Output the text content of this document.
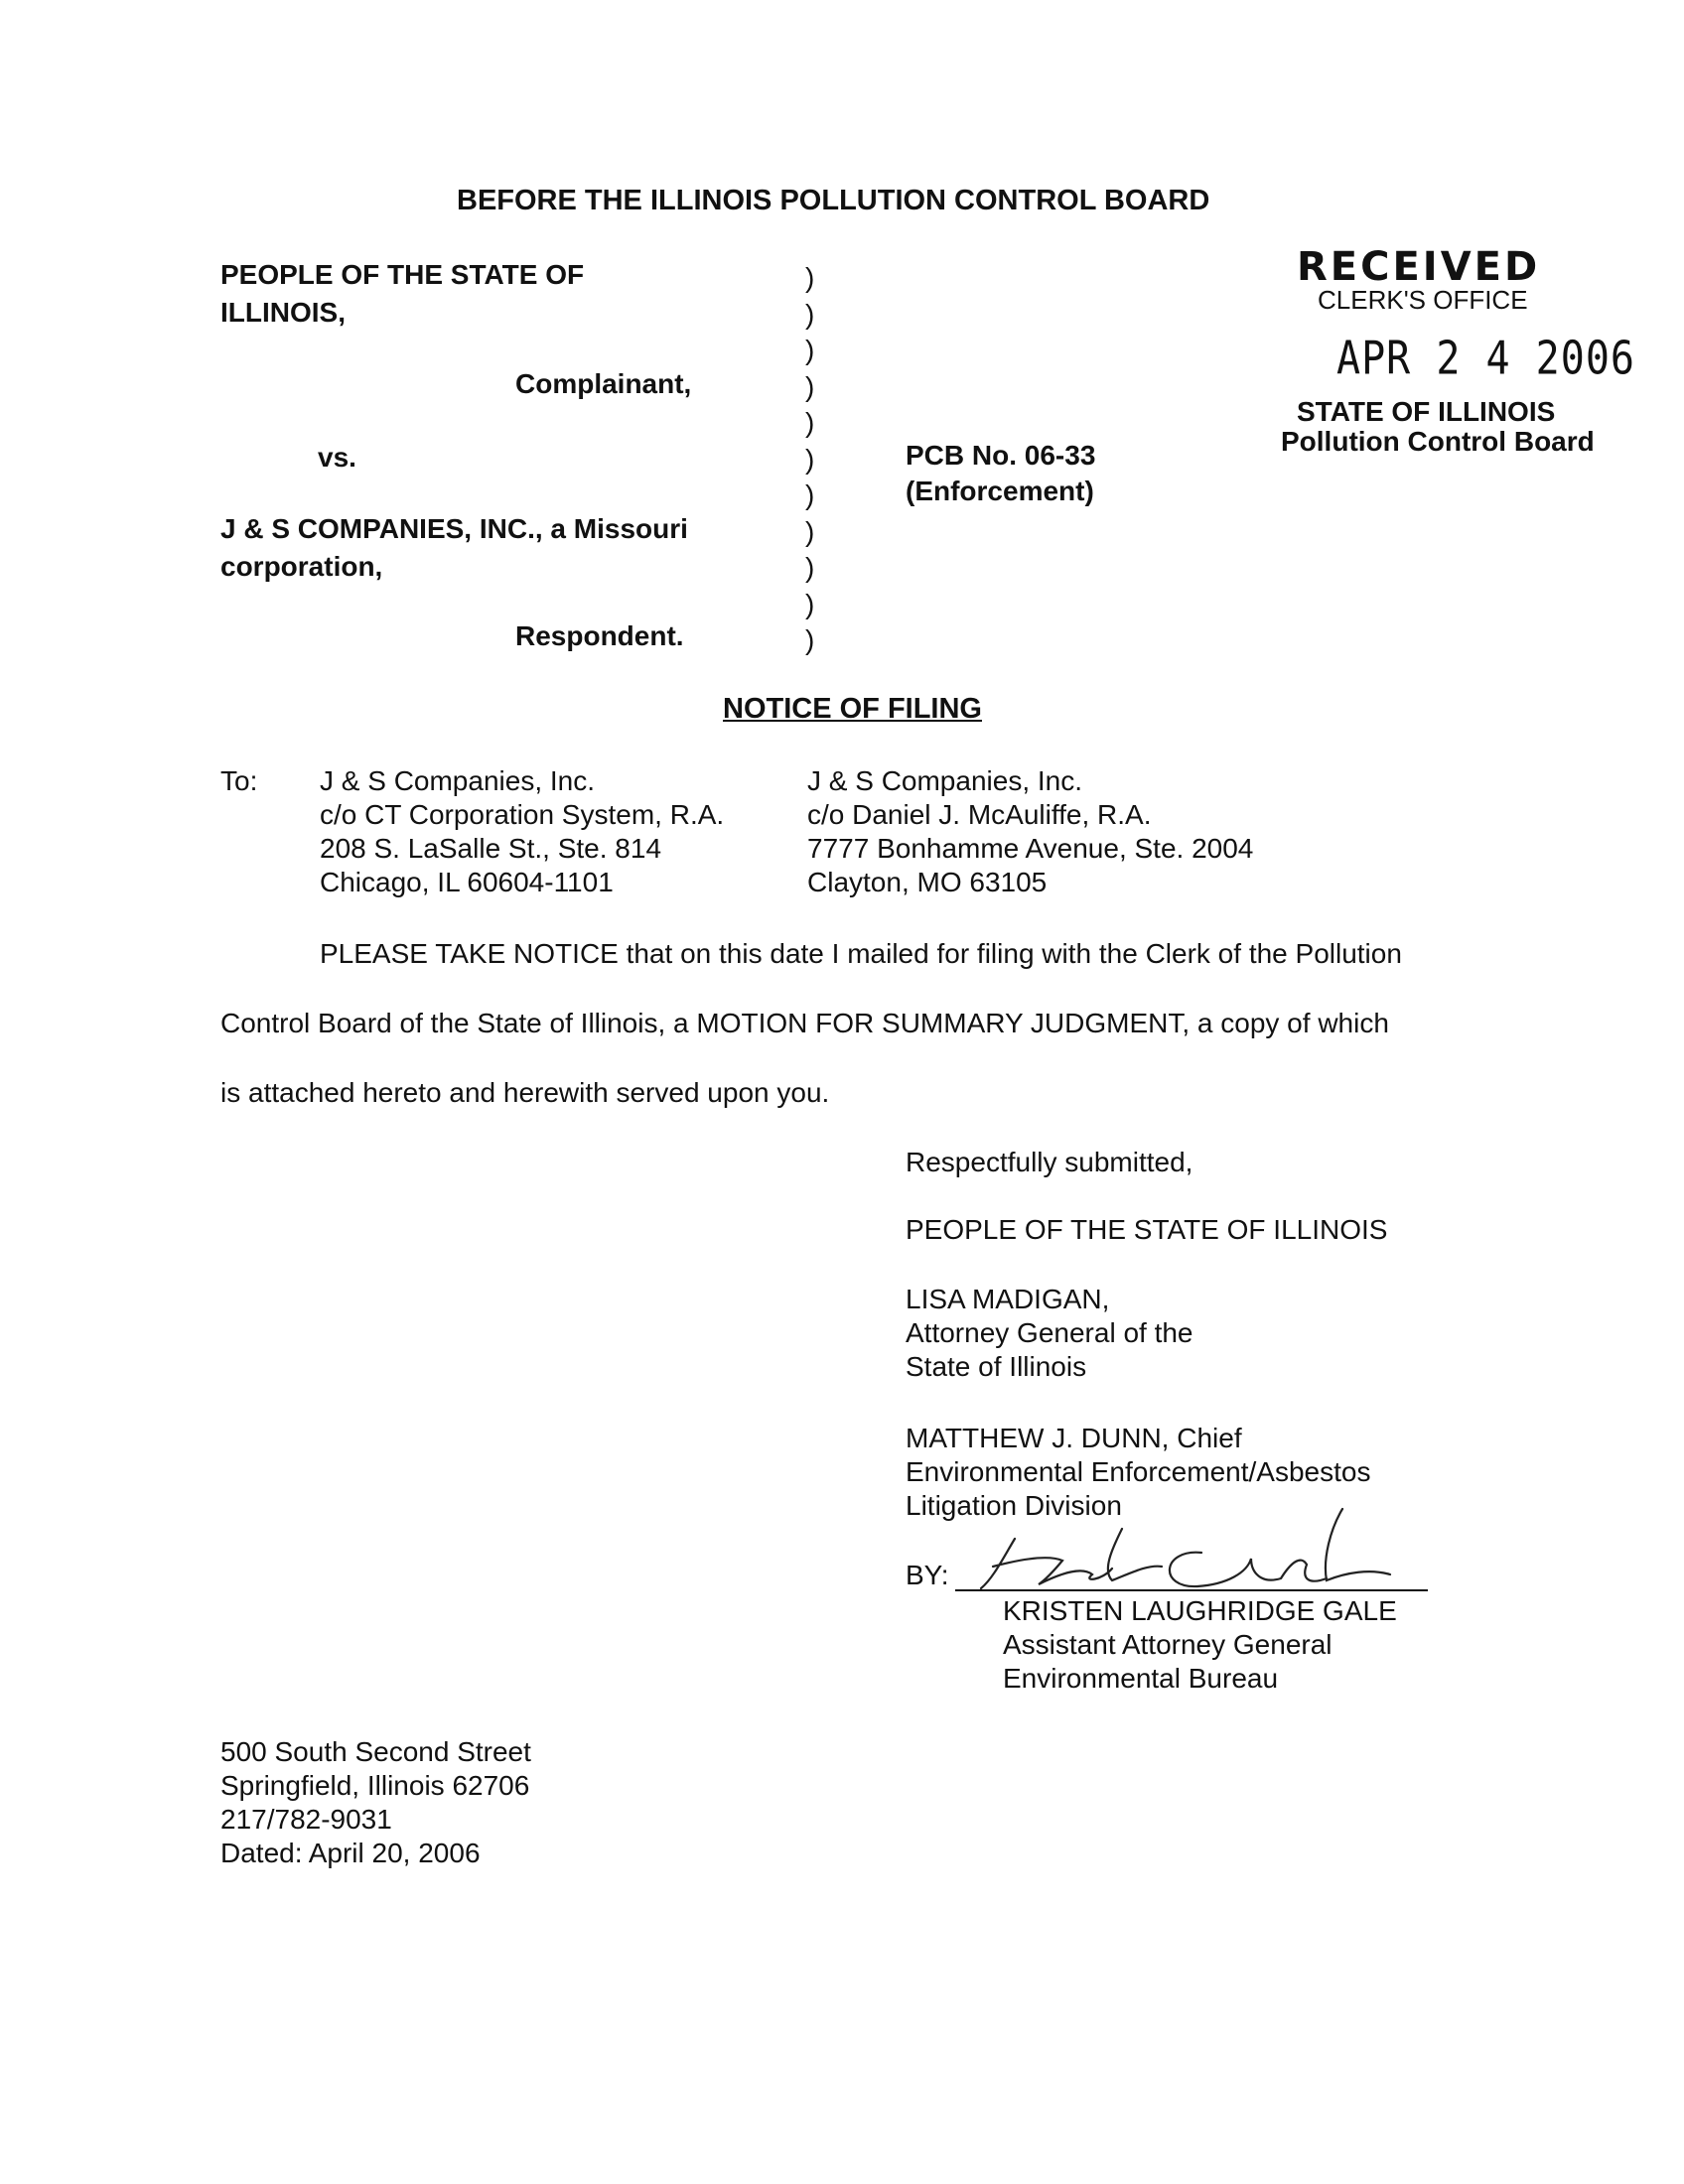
BEFORE THE ILLINOIS POLLUTION CONTROL BOARD
PEOPLE OF THE STATE OF
ILLINOIS,
Complainant,
vs.
J & S COMPANIES, INC., a Missouri
corporation,
Respondent.
)
)
)
)
)
)
)
)
)
)
)
PCB No. 06-33
(Enforcement)
RECEIVED
CLERK'S OFFICE
APR 2 4 2006
STATE OF ILLINOIS
Pollution Control Board
NOTICE OF FILING
To: J & S Companies, Inc.
c/o CT Corporation System, R.A.
208 S. LaSalle St., Ste. 814
Chicago, IL 60604-1101
J & S Companies, Inc.
c/o Daniel J. McAuliffe, R.A.
7777 Bonhamme Avenue, Ste. 2004
Clayton, MO 63105
PLEASE TAKE NOTICE that on this date I mailed for filing with the Clerk of the Pollution
Control Board of the State of Illinois, a MOTION FOR SUMMARY JUDGMENT, a copy of which
is attached hereto and herewith served upon you.
Respectfully submitted,
PEOPLE OF THE STATE OF ILLINOIS
LISA MADIGAN,
Attorney General of the
State of Illinois
MATTHEW J. DUNN, Chief
Environmental Enforcement/Asbestos
Litigation Division
BY:
KRISTEN LAUGHRIDGE GALE
Assistant Attorney General
Environmental Bureau
500 South Second Street
Springfield, Illinois 62706
217/782-9031
Dated: April 20, 2006
